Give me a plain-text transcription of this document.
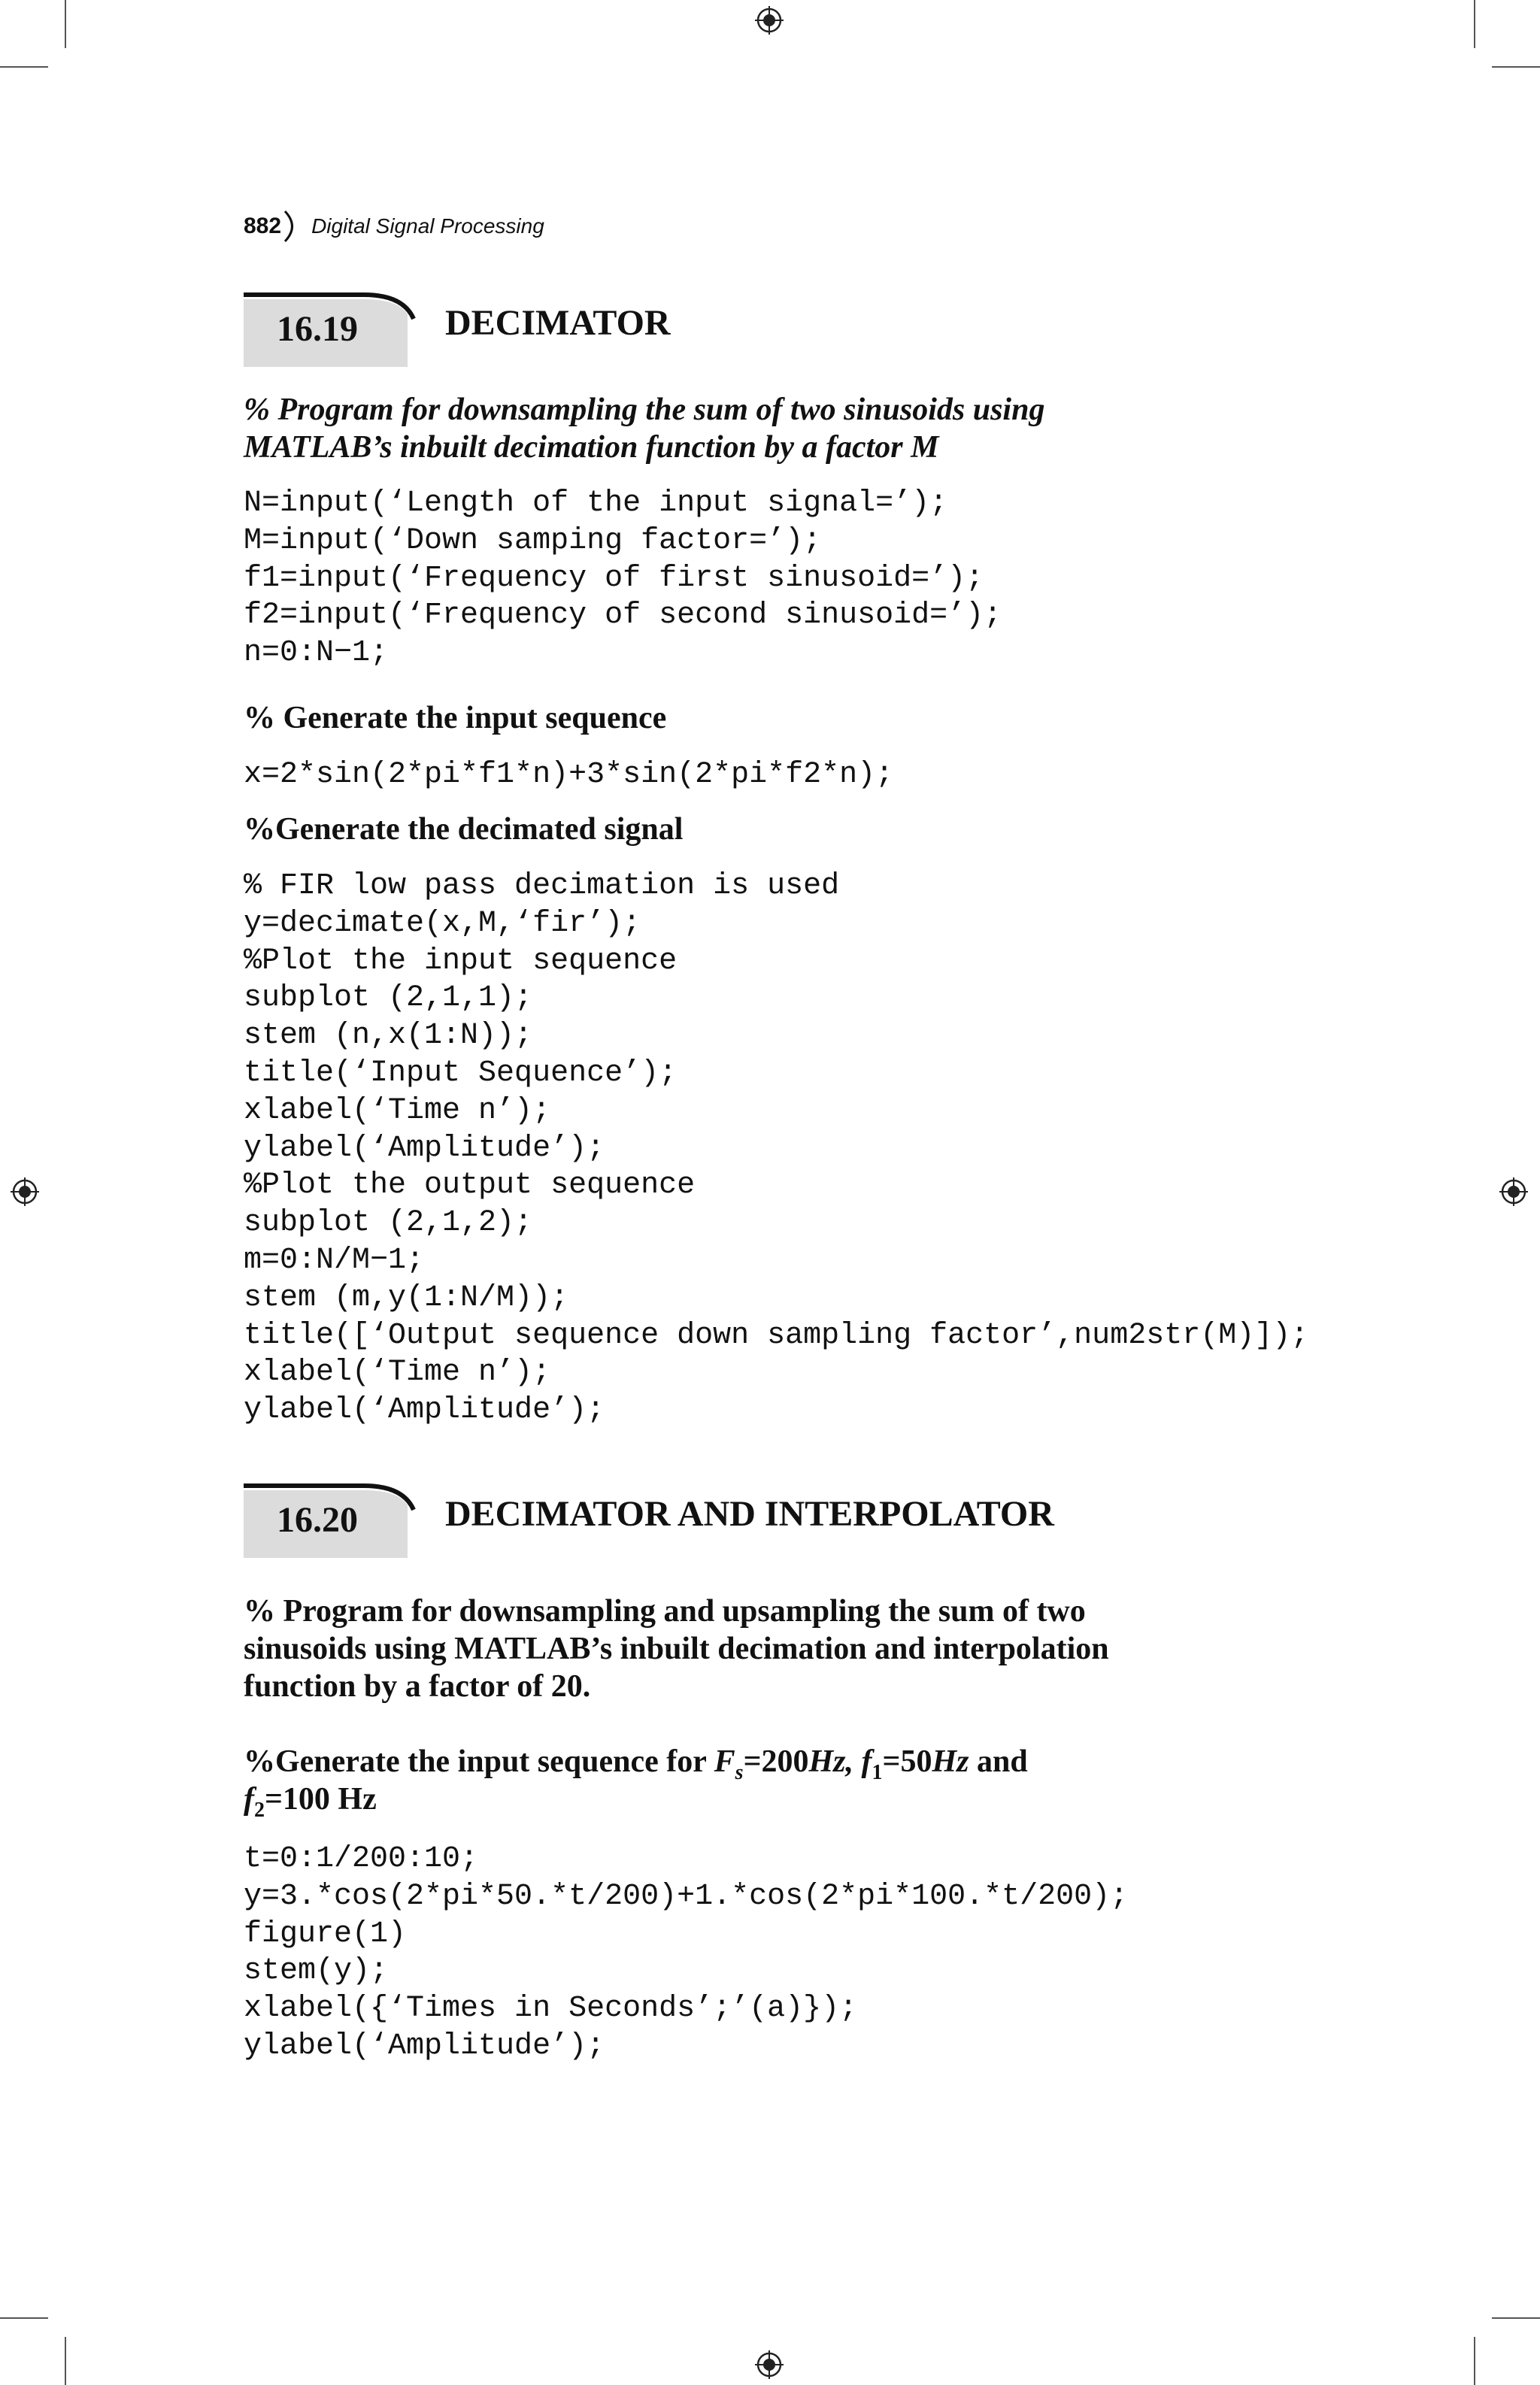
882 Digital Signal Processing
16.19	DECIMATOR

% Program for downsampling the sum of two sinusoids using
MATLAB’s inbuilt decimation function by a factor M

N=input(‘Length of the input signal=’);
M=input(‘Down samping factor=’);
f1=input(‘Frequency of first sinusoid=’);
f2=input(‘Frequency of second sinusoid=’);
n=0:N−1;

% Generate the input sequence

x=2*sin(2*pi*f1*n)+3*sin(2*pi*f2*n);

%Generate the decimated signal

% FIR low pass decimation is used
y=decimate(x,M,‘fir’);
%Plot the input sequence
subplot (2,1,1);
stem (n,x(1:N));
title(‘Input Sequence’);
xlabel(‘Time n’);
ylabel(‘Amplitude’);
%Plot the output sequence
subplot (2,1,2);
m=0:N/M−1;
stem (m,y(1:N/M));
title([‘Output sequence down sampling factor’,num2str(M)]);
xlabel(‘Time n’);
ylabel(‘Amplitude’);
16.20	DECIMATOR AND INTERPOLATOR

% Program for downsampling and upsampling the sum of two
sinusoids using MATLAB’s inbuilt decimation and interpolation
function by a factor of 20.

%Generate the input sequence for $F_s=200Hz$, $f_1=50Hz$ and
$f_2=100$ Hz

t=0:1/200:10;
y=3.*cos(2*pi*50.*t/200)+1.*cos(2*pi*100.*t/200);
figure(1)
stem(y);
xlabel({‘Times in Seconds’;’(a)});
ylabel(‘Amplitude’);
